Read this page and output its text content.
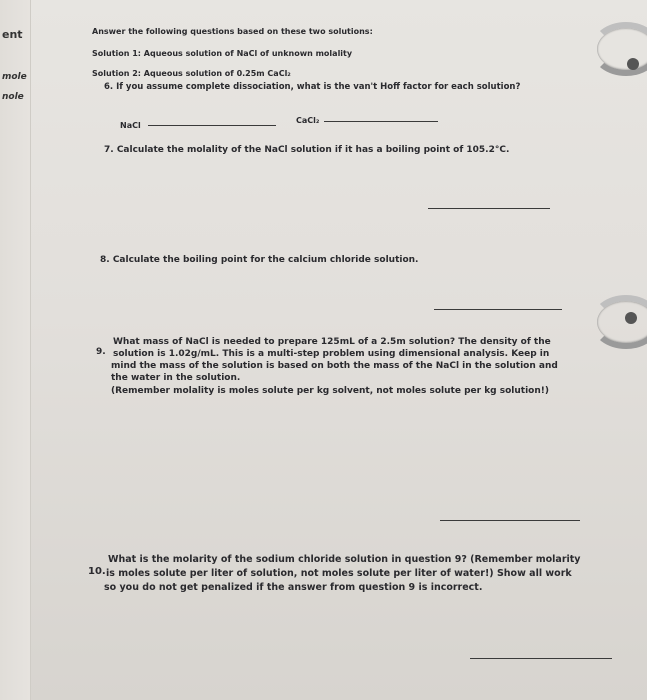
ent
mole
nole
Answer the following questions based on these two solutions:
Solution 1: Aqueous solution of NaCl of unknown molality
Solution 2: Aqueous solution of 0.25m CaCl₂
6. If you assume complete dissociation, what is the van't Hoff factor for each solution?
NaCl
CaCl₂
7. Calculate the molality of the NaCl solution if it has a boiling point of 105.2°C.
8. Calculate the boiling point for the calcium chloride solution.
9.
What mass of NaCl is needed to prepare 125mL of a 2.5m solution? The density of the
solution is 1.02g/mL. This is a multi-step problem using dimensional analysis. Keep in
mind the mass of the solution is based on both the mass of the NaCl in the solution and
the water in the solution.
(Remember molality is moles solute per kg solvent, not moles solute per kg solution!)
10.
What is the molarity of the sodium chloride solution in question 9? (Remember molarity
is moles solute per liter of solution, not moles solute per liter of water!) Show all work
so you do not get penalized if the answer from question 9 is incorrect.
